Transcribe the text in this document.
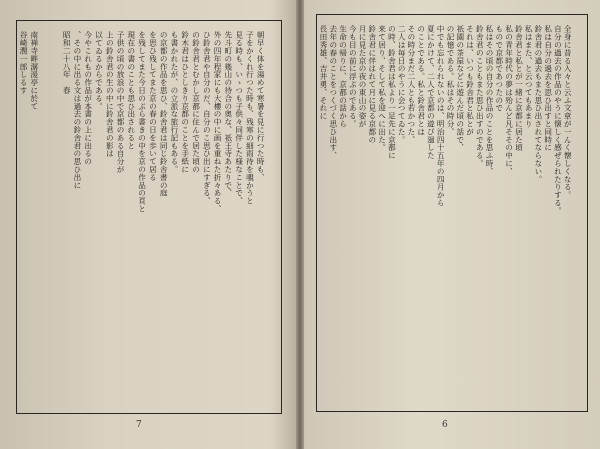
朝早く体を湯めて寒暑を見に行つた時も、
子をかくれ行つた時も、残寒の細雨待を覗かうと
見る時も、いゝつも子供々同伴した様なことで、
先斗町の幾山の待合の奥な、祇王寺あたりで、
外の四年程家にも大樓の中に画を重ねた折々ある、
ひ鈴舎君や自分のだ、自分のこ思ひ出にすぎる、
の鈴舎君とむかし京都に住んで居た頃の
鈴木君はひとしきり京都のことを手紙に
も書かれたが、の立派な旅行記もある。
の京都の作品を思ひ、鈴舎君は同じ鈴舎書の庭
を思ひ残してまた京の春の日を歩いて居る
を残してまた今日のぶら書きの中を京の作品の頁と
現在の書のことも思ひ出されると
子供の頃の放浪の中で京都のある自分が
上の鈴舎君の生の中に鈴舎君の影は
以てゐるからである。
今やこれもの作品が本書の上に出るの
、その中に出る文は過去の鈴舎君の思ひ出に
昭和二十八年　春
南禅寺畔潺湲亭に於て
谷崎潤一郎しるす
7
全身に昔る入々と云ふ文章が一んく懐しくなる。
自分の過去の作品のやうに懐しく感ぜられたりする。
私は自分の過去を思ひ出すと同時に
鈴舎君の過去もまた思ひ出されてならない。
私はまた、と云つてもあまり
鈴舎君と私とが一緒に京都に居た頃
私の青年時代の夢は殆んど凡そその中に、
もので京都であつたので
私はその頃の自分の作品のことを思ふ時、
鈴舎君のこともまた思ひ出すのである。
それは、いつも鈴舎君と私とが
祇園の茶屋などに遊んだ頃の話で、
の記憶である。私はその時分、
中でも忘れられないのは、明治四十五年の四月から
夏にかけて、二人で京都の遊び廻した
のことである。私と鈴舎君とは
その時分まだ二人とも若かつた、
二人は毎日のやうに会つてゐた。
の時、鈴舎君は私より一足先に京都に
来て居り、そして私を迎へに出た。
鈴舎君に伴はれて月に見る京都の
月に見た京の夜の東山の姿が
今も目の前に浮ぶのである。
生命の帰りに、京都の話から
去年の春のことをつくづく思ひ出す、
長田秀雄、吉井勇、それに
6
